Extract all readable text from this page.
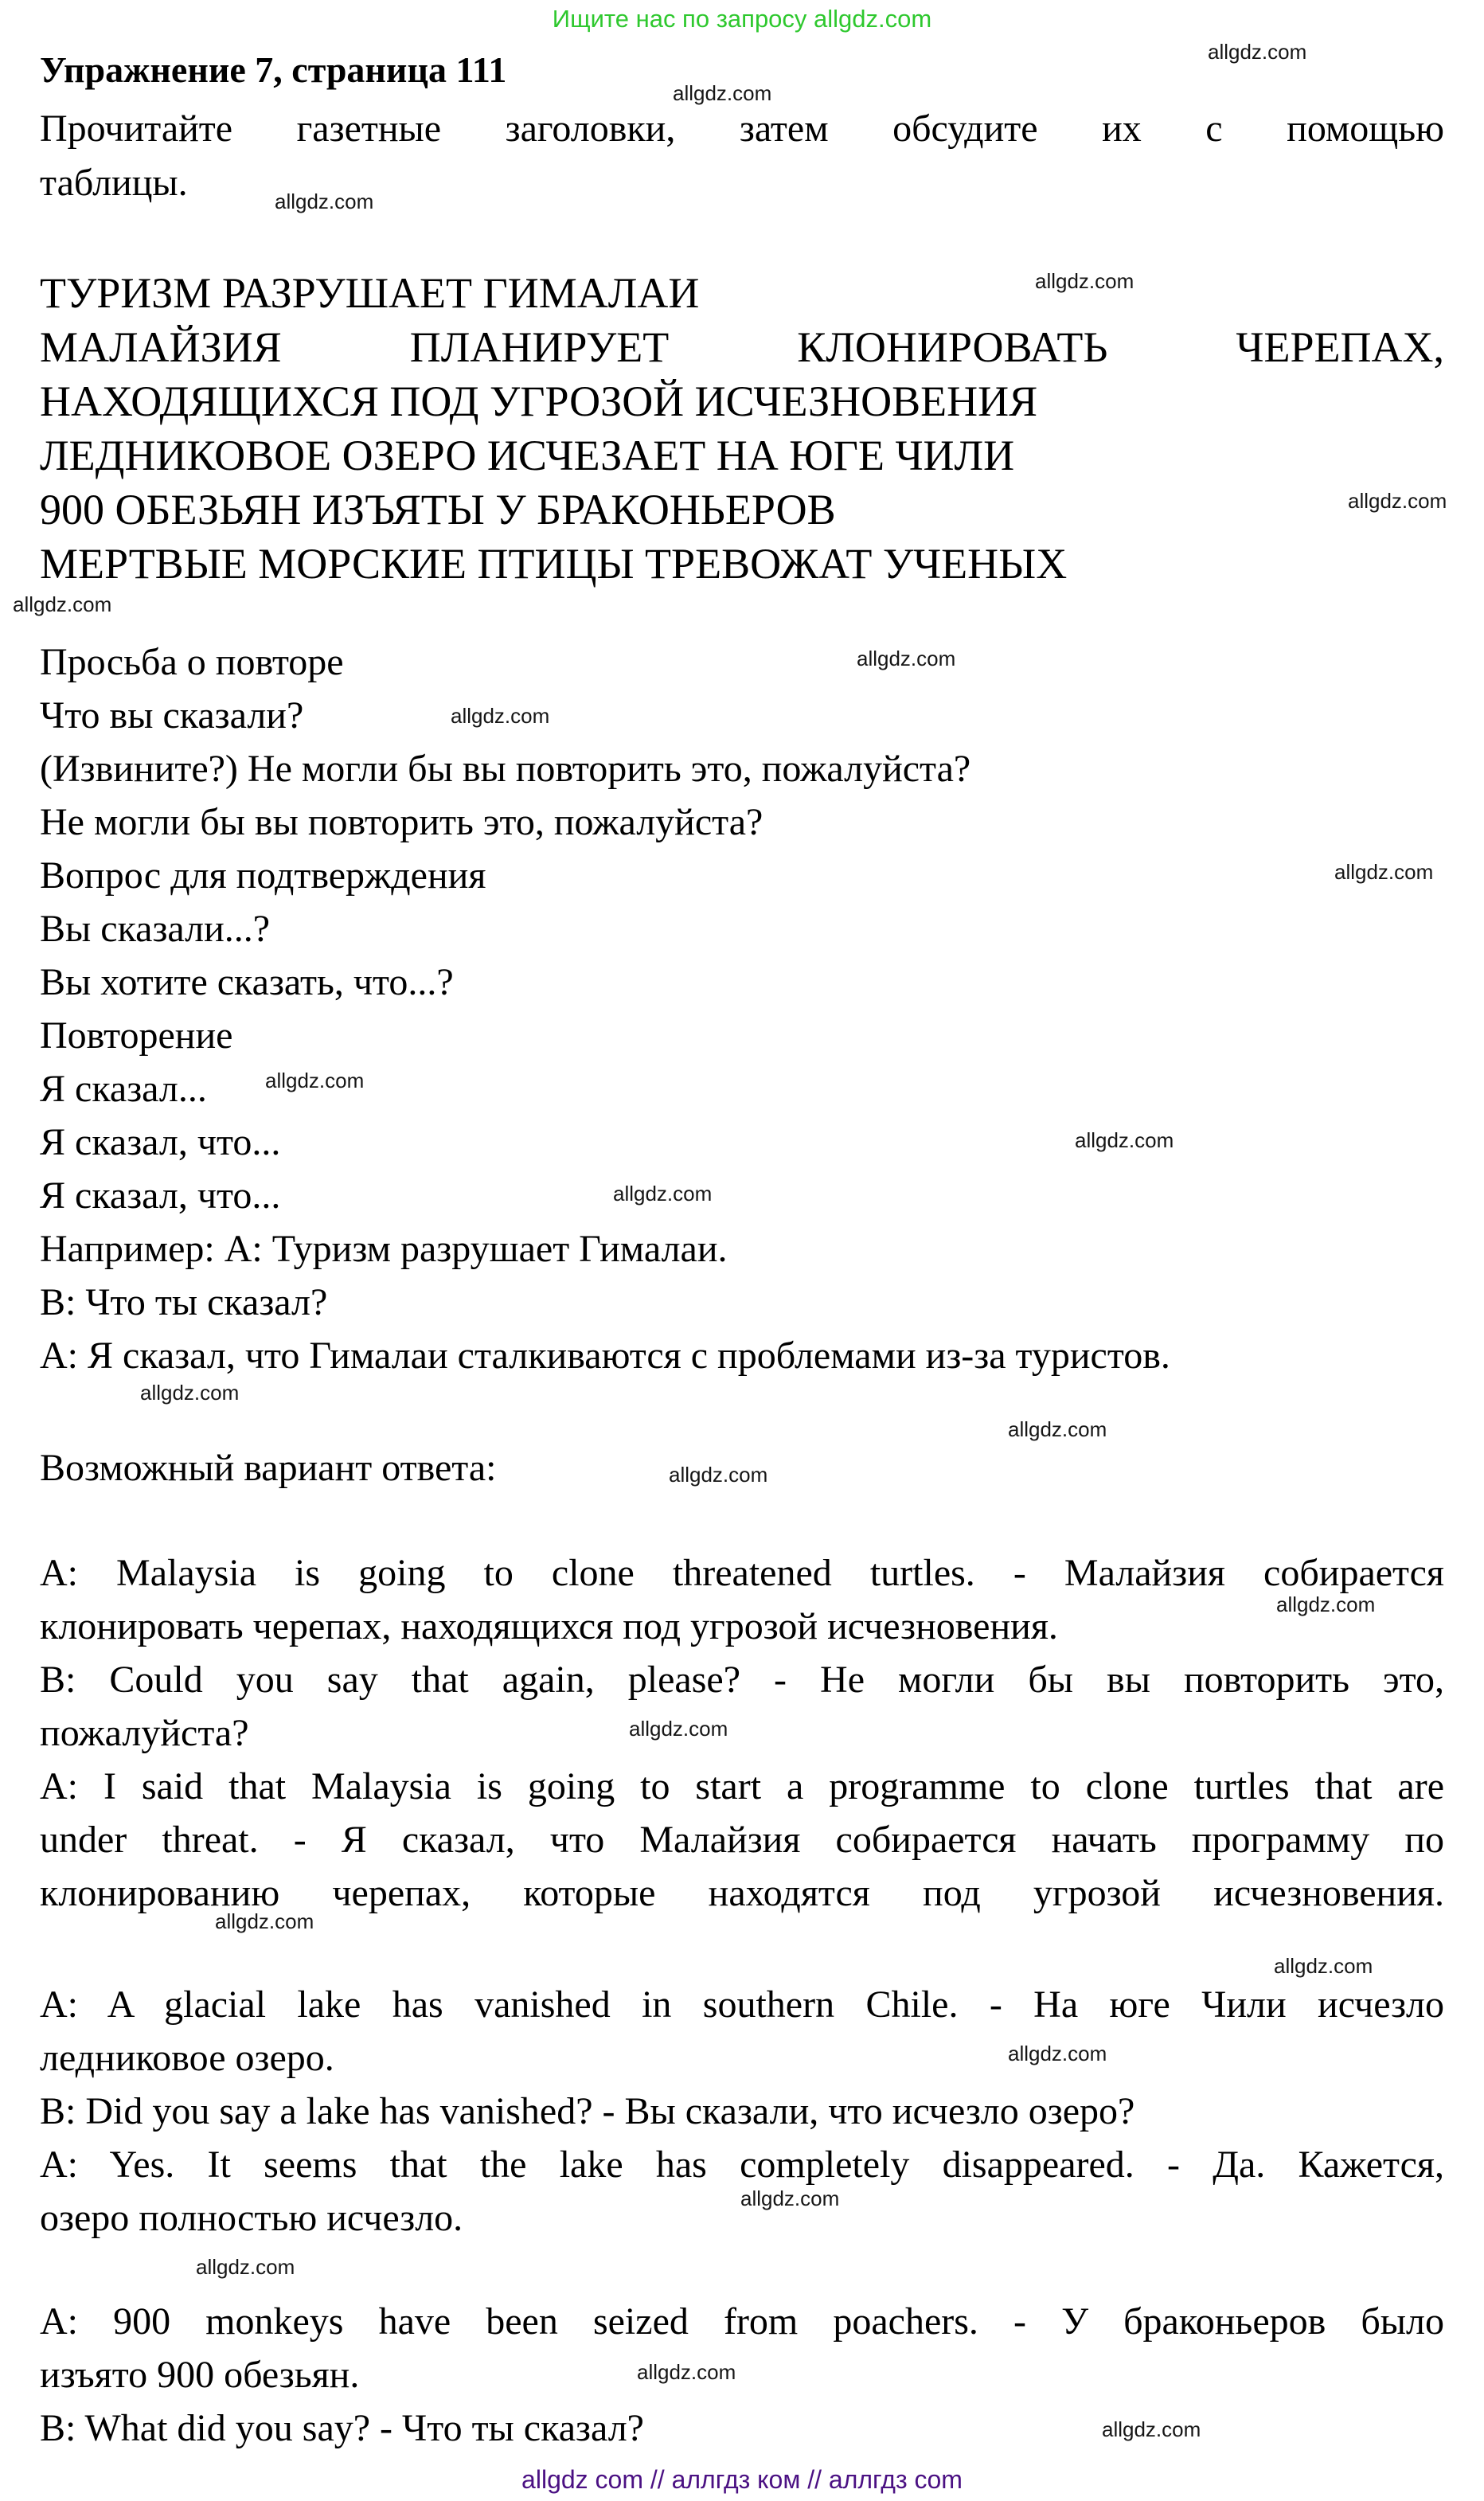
Ищите нас по запросу allgdz.com
Упражнение 7, страница 111
Прочитайте газетные заголовки, затем обсудите их с помощью
таблицы.
ТУРИЗМ РАЗРУШАЕТ ГИМАЛАИ
МАЛАЙЗИЯ ПЛАНИРУЕТ КЛОНИРОВАТЬ ЧЕРЕПАХ,
НАХОДЯЩИХСЯ ПОД УГРОЗОЙ ИСЧЕЗНОВЕНИЯ
ЛЕДНИКОВОЕ ОЗЕРО ИСЧЕЗАЕТ НА ЮГЕ ЧИЛИ
900 ОБЕЗЬЯН ИЗЪЯТЫ У БРАКОНЬЕРОВ
МЕРТВЫЕ МОРСКИЕ ПТИЦЫ ТРЕВОЖАТ УЧЕНЫХ
Просьба о повторе
Что вы сказали?
(Извините?) Не могли бы вы повторить это, пожалуйста?
Не могли бы вы повторить это, пожалуйста?
Вопрос для подтверждения
Вы сказали...?
Вы хотите сказать, что...?
Повторение
Я сказал...
Я сказал, что...
Я сказал, что...
Например: А: Туризм разрушает Гималаи.
В: Что ты сказал?
А: Я сказал, что Гималаи сталкиваются с проблемами из-за туристов.
Возможный вариант ответа:
А: Malaysia is going to clone threatened turtles. - Малайзия собирается
клонировать черепах, находящихся под угрозой исчезновения.
B: Could you say that again, please? - Не могли бы вы повторить это,
пожалуйста?
A: I said that Malaysia is going to start a programme to clone turtles that are
under threat. - Я сказал, что Малайзия собирается начать программу по
клонированию черепах, которые находятся под угрозой исчезновения.
A: A glacial lake has vanished in southern Chile. - На юге Чили исчезло
ледниковое озеро.
B: Did you say a lake has vanished? - Вы сказали, что исчезло озеро?
A: Yes. It seems that the lake has completely disappeared. - Да. Кажется,
озеро полностью исчезло.
A: 900 monkeys have been seized from poachers. - У браконьеров было
изъято 900 обезьян.
B: What did you say? - Что ты сказал?
allgdz.com
allgdz.com
allgdz.com
allgdz.com
allgdz.com
allgdz.com
allgdz.com
allgdz.com
allgdz.com
allgdz.com
allgdz.com
allgdz.com
allgdz.com
allgdz.com
allgdz.com
allgdz.com
allgdz.com
allgdz.com
allgdz.com
allgdz.com
allgdz.com
allgdz.com
allgdz.com
allgdz.com
allgdz com // аллгдз ком // аллгдз com
